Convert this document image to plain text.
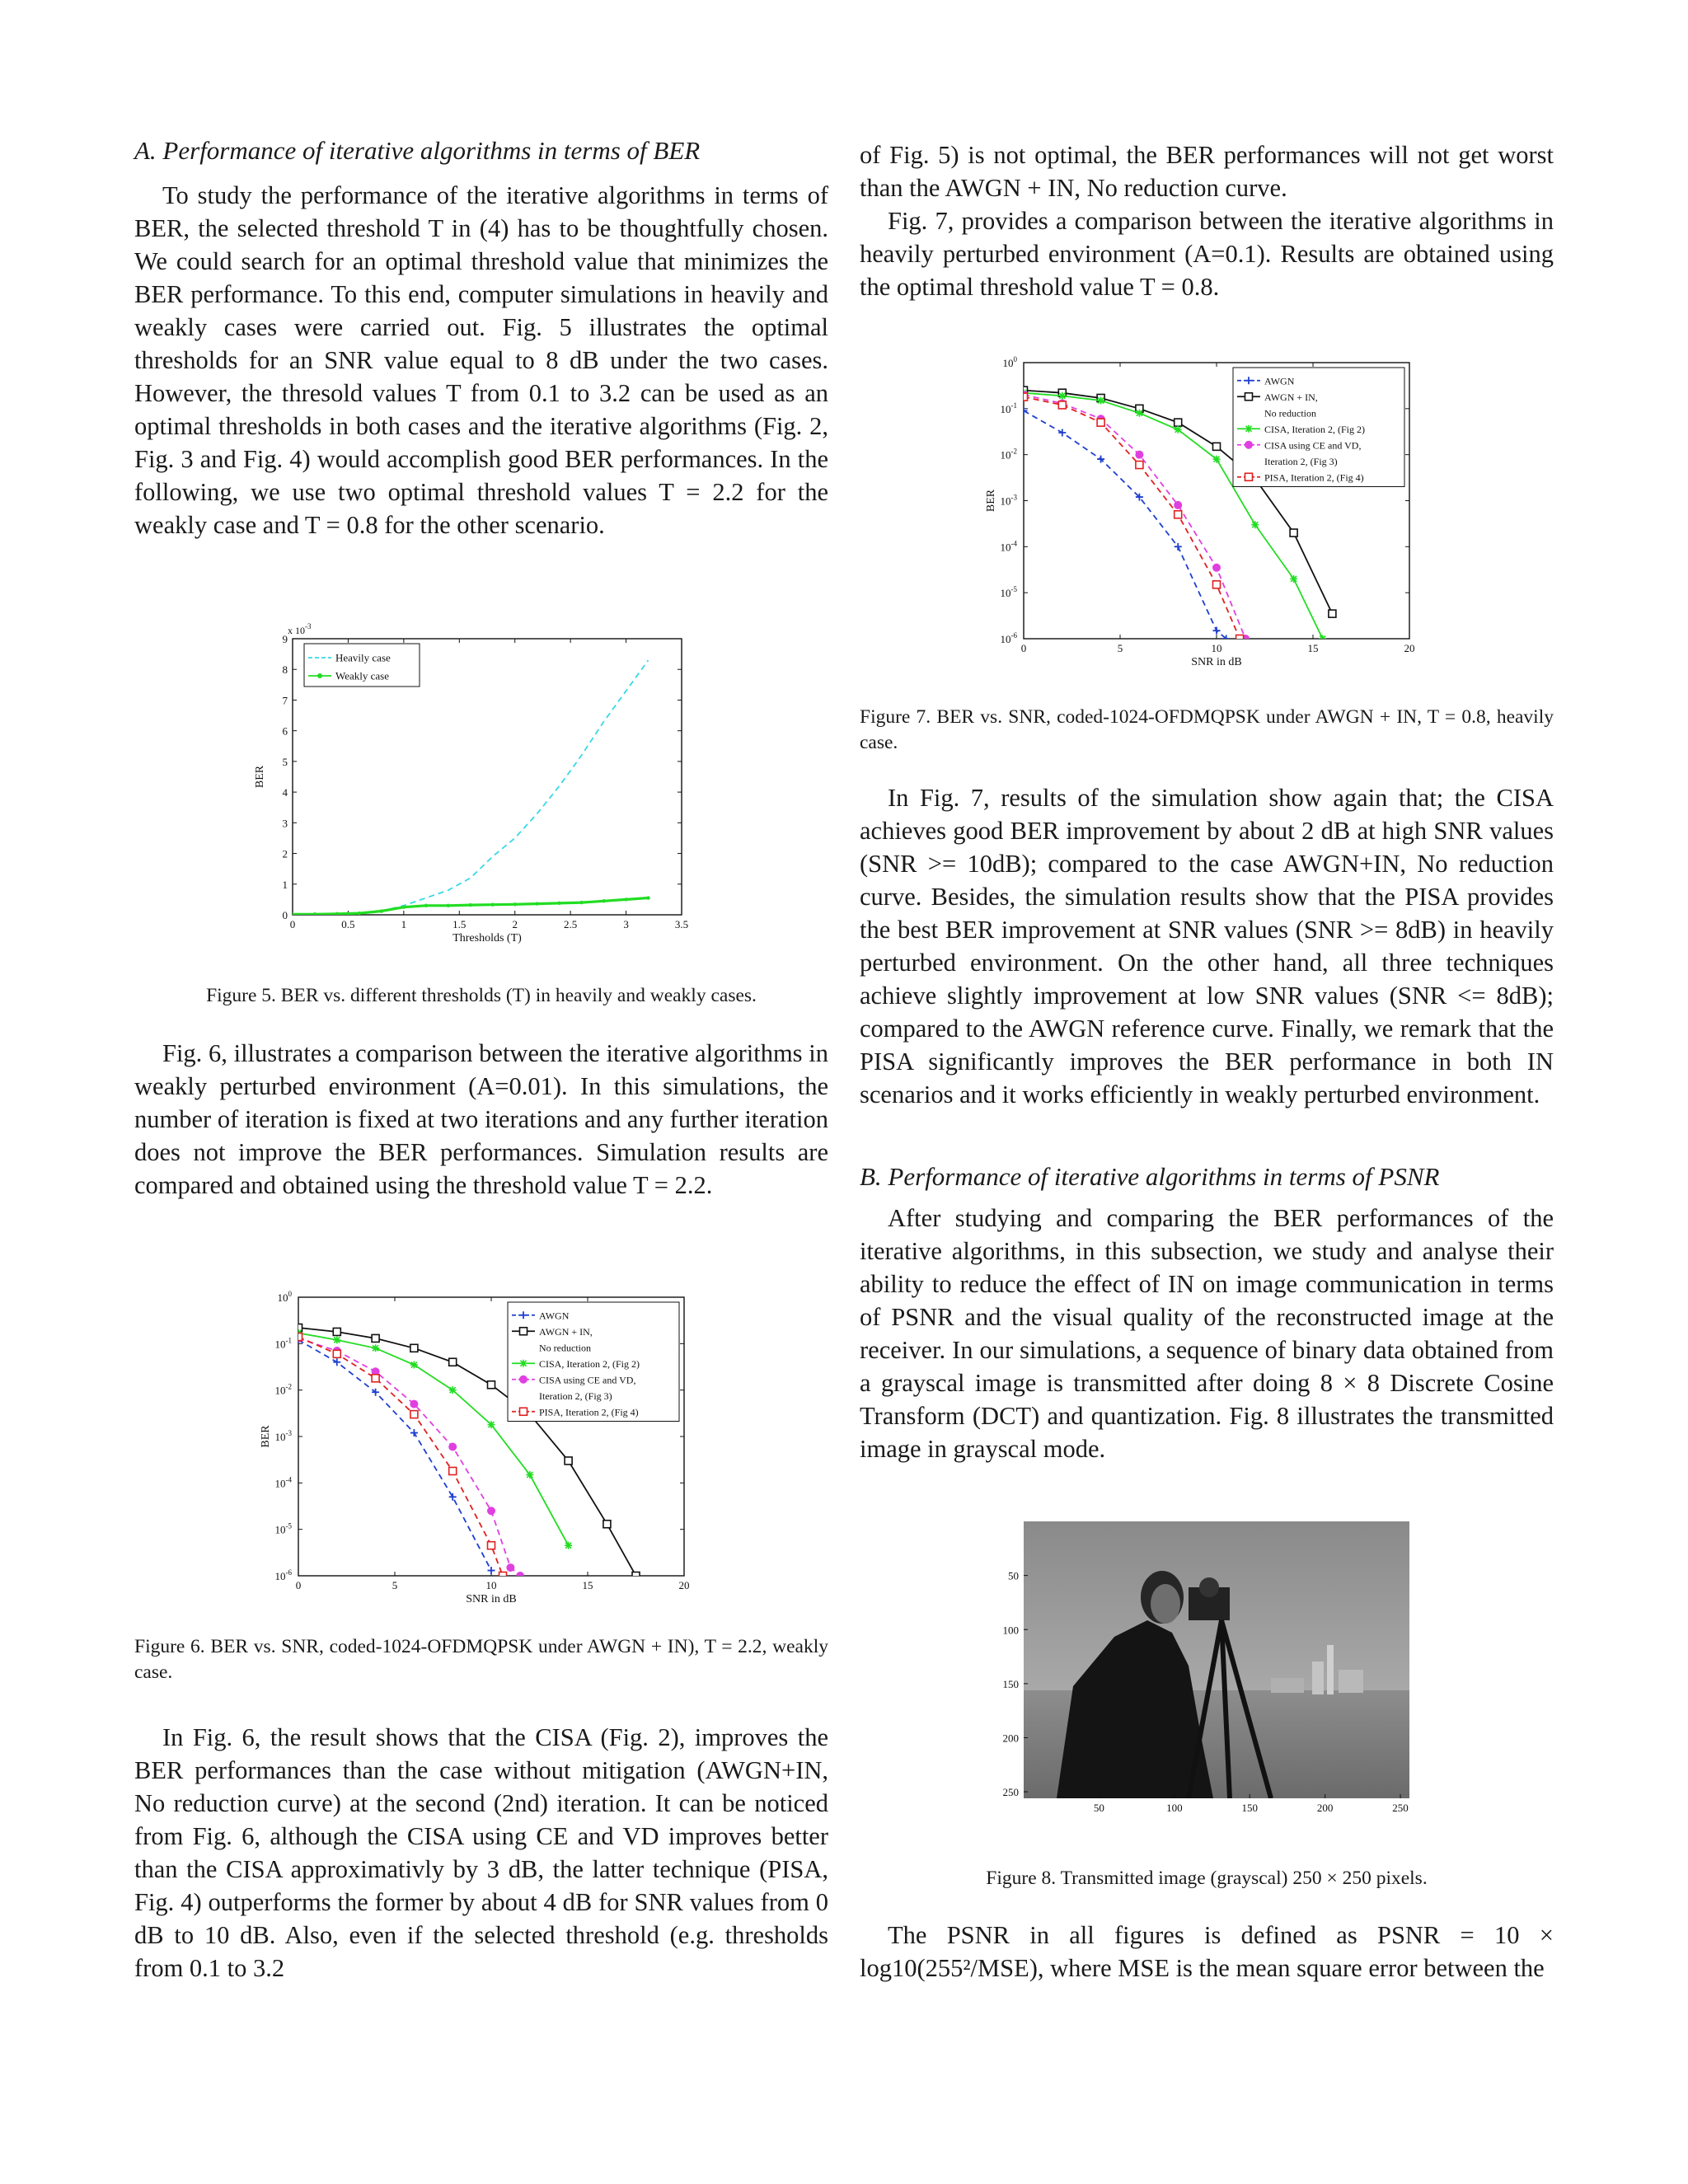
A. Performance of iterative algorithms in terms of BER
To study the performance of the iterative algorithms in terms of BER, the selected threshold T in (4) has to be thoughtfully chosen. We could search for an optimal threshold value that minimizes the BER performance. To this end, computer simulations in heavily and weakly cases were carried out. Fig. 5 illustrates the optimal thresholds for an SNR value equal to 8 dB under the two cases. However, the thresold values T from 0.1 to 3.2 can be used as an optimal thresholds in both cases and the iterative algorithms (Fig. 2, Fig. 3 and Fig. 4) would accomplish good BER performances. In the following, we use two optimal threshold values T = 2.2 for the weakly case and T = 0.8 for the other scenario.
0	0.5	1	1.5	2	2.5	3	3.5
0
1
2
3
4
5
6
7
8
9
x $10^{-3}$
Thresholds (T)
BER
Heavily case
Weakly case
Figure 5. BER vs. different thresholds (T) in heavily and weakly cases.
Fig. 6, illustrates a comparison between the iterative algorithms in weakly perturbed environment (A=0.01). In this simulations, the number of iteration is fixed at two iterations and any further iteration does not improve the BER performances. Simulation results are compared and obtained using the threshold value T = 2.2.
0	5	10	15	20
$10^0$
$10^{-1}$
$10^{-2}$
$10^{-3}$
$10^{-4}$
$10^{-5}$
$10^{-6}$
SNR in dB
BER
AWGN
AWGN + IN,
No reduction
CISA, Iteration 2, (Fig 2)
CISA using CE and VD,
Iteration 2, (Fig 3)
PISA, Iteration 2, (Fig 4)
Figure 6. BER vs. SNR, coded-1024-OFDMQPSK under AWGN + IN), T = 2.2, weakly case.
In Fig. 6, the result shows that the CISA (Fig. 2), improves the BER performances than the case without mitigation (AWGN+IN, No reduction curve) at the second (2nd) iteration. It can be noticed from Fig. 6, although the CISA using CE and VD improves better than the CISA approximativly by 3 dB, the latter technique (PISA, Fig. 4) outperforms the former by about 4 dB for SNR values from 0 dB to 10 dB. Also, even if the selected threshold (e.g. thresholds from 0.1 to 3.2
of Fig. 5) is not optimal, the BER performances will not get worst than the AWGN + IN, No reduction curve.
Fig. 7, provides a comparison between the iterative algorithms in heavily perturbed environment (A=0.1). Results are obtained using the optimal threshold value T = 0.8.
0	5	10	15	20
$10^0$
$10^{-1}$
$10^{-2}$
$10^{-3}$
$10^{-4}$
$10^{-5}$
$10^{-6}$
SNR in dB
BER
AWGN
AWGN + IN,
No reduction
CISA, Iteration 2, (Fig 2)
CISA using CE and VD,
Iteration 2, (Fig 3)
PISA, Iteration 2, (Fig 4)
Figure 7. BER vs. SNR, coded-1024-OFDMQPSK under AWGN + IN, T = 0.8, heavily case.
In Fig. 7, results of the simulation show again that; the CISA achieves good BER improvement by about 2 dB at high SNR values (SNR >= 10dB); compared to the case AWGN+IN, No reduction curve. Besides, the simulation results show that the PISA provides the best BER improvement at SNR values (SNR >= 8dB) in heavily perturbed environment. On the other hand, all three techniques achieve slightly improvement at low SNR values (SNR <= 8dB); compared to the AWGN reference curve. Finally, we remark that the PISA significantly improves the BER performance in both IN scenarios and it works efficiently in weakly perturbed environment.
B. Performance of iterative algorithms in terms of PSNR
After studying and comparing the BER performances of the iterative algorithms, in this subsection, we study and analyse their ability to reduce the effect of IN on image communication in terms of PSNR and the visual quality of the reconstructed image at the receiver. In our simulations, a sequence of binary data obtained from a grayscal image is transmitted after doing 8 × 8 Discrete Cosine Transform (DCT) and quantization. Fig. 8 illustrates the transmitted image in grayscal mode.
50	100	150	200	250
50
100
150
200
250
Figure 8. Transmitted image (grayscal) 250 × 250 pixels.
The PSNR in all figures is defined as PSNR = 10 × log10(255²/MSE), where MSE is the mean square error between the
